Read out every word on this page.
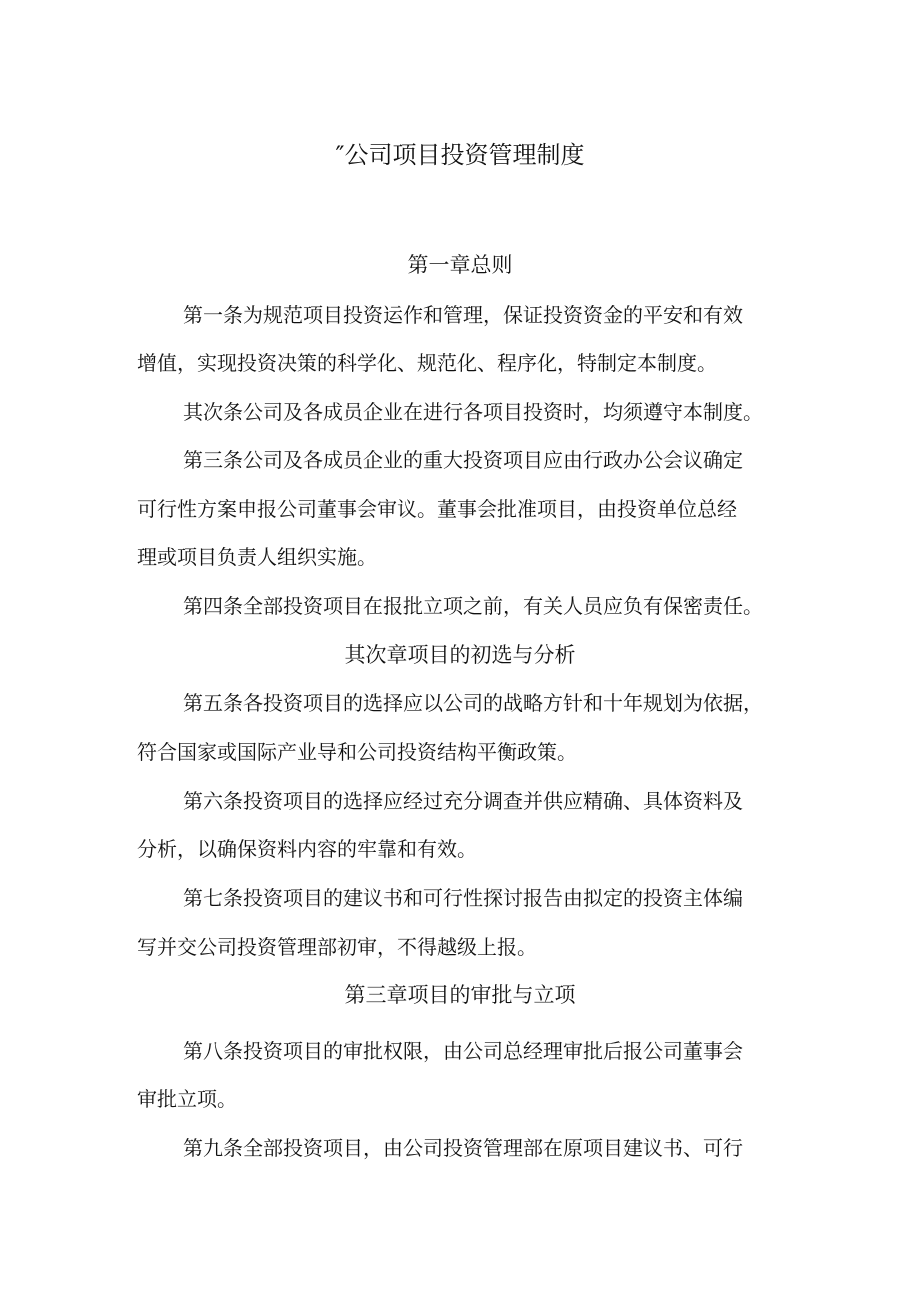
″公司项目投资管理制度
第一章总则

第一条为规范项目投资运作和管理，保证投资资金的平安和有效

增值，实现投资决策的科学化、规范化、程序化，特制定本制度。

其次条公司及各成员企业在进行各项目投资时，均须遵守本制度。

第三条公司及各成员企业的重大投资项目应由行政办公会议确定

可行性方案申报公司董事会审议。董事会批准项目，由投资单位总经

理或项目负责人组织实施。

第四条全部投资项目在报批立项之前，有关人员应负有保密责任。

其次章项目的初选与分析

第五条各投资项目的选择应以公司的战略方针和十年规划为依据，

符合国家或国际产业导和公司投资结构平衡政策。

第六条投资项目的选择应经过充分调查并供应精确、具体资料及

分析，以确保资料内容的牢靠和有效。

第七条投资项目的建议书和可行性探讨报告由拟定的投资主体编

写并交公司投资管理部初审，不得越级上报。

第三章项目的审批与立项

第八条投资项目的审批权限，由公司总经理审批后报公司董事会

审批立项。

第九条全部投资项目，由公司投资管理部在原项目建议书、可行
